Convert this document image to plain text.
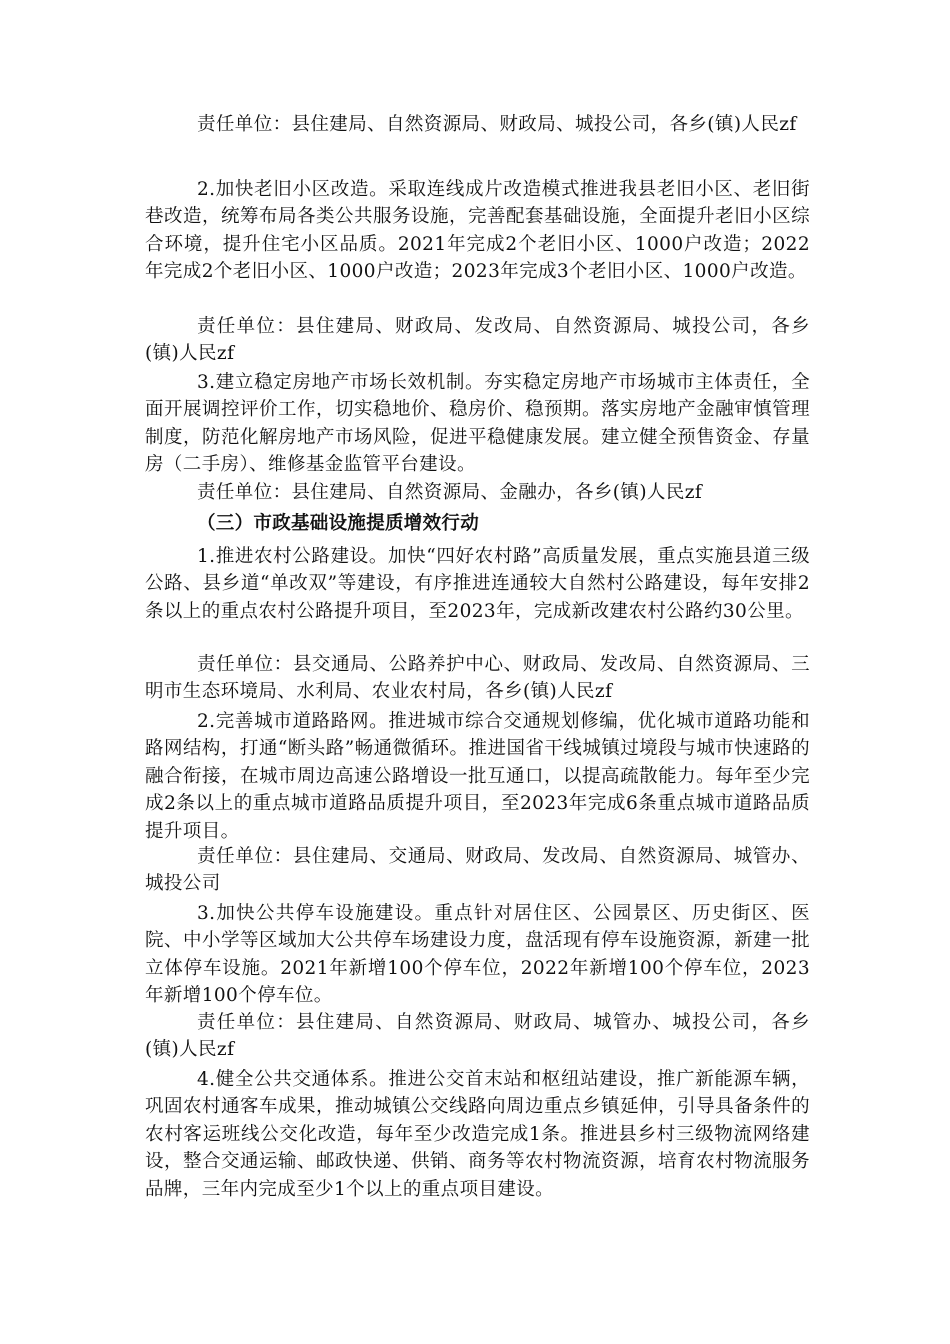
责任单位：县住建局、自然资源局、财政局、城投公司，各乡(镇)人民zf

2.加快老旧小区改造。采取连线成片改造模式推进我县老旧小区、老旧街巷改造，统筹布局各类公共服务设施，完善配套基础设施，全面提升老旧小区综合环境，提升住宅小区品质。2021年完成2个老旧小区、1000户改造；2022年完成2个老旧小区、1000户改造；2023年完成3个老旧小区、1000户改造。

责任单位：县住建局、财政局、发改局、自然资源局、城投公司，各乡(镇)人民zf

3.建立稳定房地产市场长效机制。夯实稳定房地产市场城市主体责任，全面开展调控评价工作，切实稳地价、稳房价、稳预期。落实房地产金融审慎管理制度，防范化解房地产市场风险，促进平稳健康发展。建立健全预售资金、存量房（二手房）、维修基金监管平台建设。

责任单位：县住建局、自然资源局、金融办，各乡(镇)人民zf

（三）市政基础设施提质增效行动

1.推进农村公路建设。加快“四好农村路”高质量发展，重点实施县道三级公路、县乡道“单改双”等建设，有序推进连通较大自然村公路建设，每年安排2条以上的重点农村公路提升项目，至2023年，完成新改建农村公路约30公里。

责任单位：县交通局、公路养护中心、财政局、发改局、自然资源局、三明市生态环境局、水利局、农业农村局，各乡(镇)人民zf

2.完善城市道路路网。推进城市综合交通规划修编，优化城市道路功能和路网结构，打通“断头路”畅通微循环。推进国省干线城镇过境段与城市快速路的融合衔接，在城市周边高速公路增设一批互通口，以提高疏散能力。每年至少完成2条以上的重点城市道路品质提升项目，至2023年完成6条重点城市道路品质提升项目。

责任单位：县住建局、交通局、财政局、发改局、自然资源局、城管办、城投公司

3.加快公共停车设施建设。重点针对居住区、公园景区、历史街区、医院、中小学等区域加大公共停车场建设力度，盘活现有停车设施资源，新建一批立体停车设施。2021年新增100个停车位，2022年新增100个停车位，2023年新增100个停车位。

责任单位：县住建局、自然资源局、财政局、城管办、城投公司，各乡(镇)人民zf

4.健全公共交通体系。推进公交首末站和枢纽站建设，推广新能源车辆，巩固农村通客车成果，推动城镇公交线路向周边重点乡镇延伸，引导具备条件的农村客运班线公交化改造，每年至少改造完成1条。推进县乡村三级物流网络建设，整合交通运输、邮政快递、供销、商务等农村物流资源，培育农村物流服务品牌，三年内完成至少1个以上的重点项目建设。
